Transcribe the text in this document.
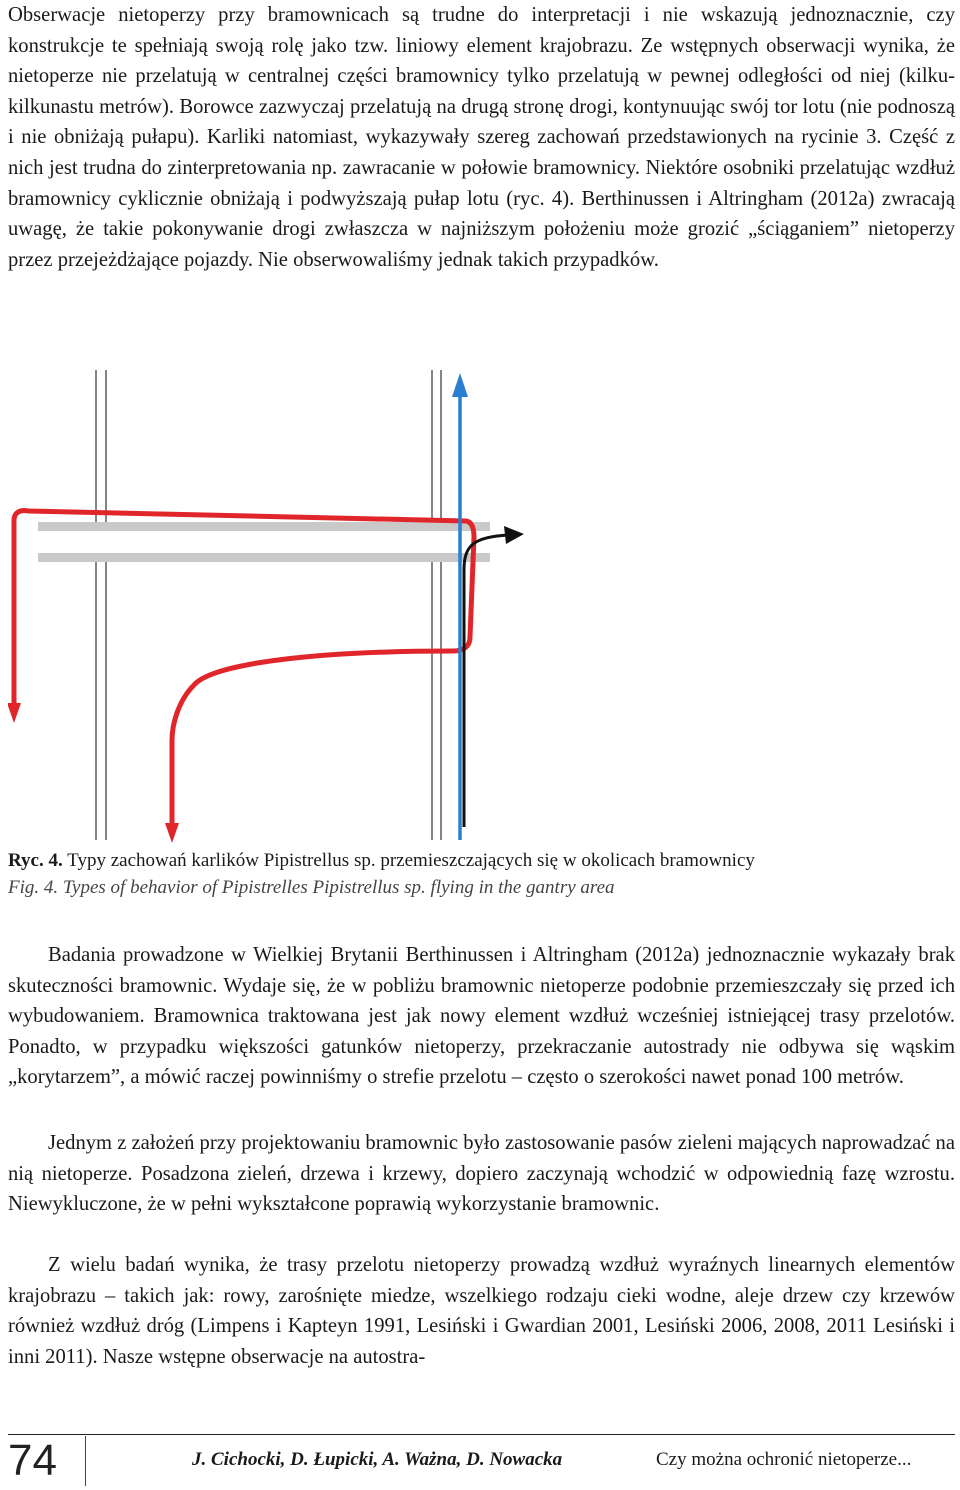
Obserwacje nietoperzy przy bramownicach są trudne do interpretacji i nie wskazują jednoznacznie, czy konstrukcje te spełniają swoją rolę jako tzw. liniowy element krajobrazu. Ze wstępnych obserwacji wynika, że nietoperze nie przelatują w centralnej części bramownicy tylko przelatują w pewnej odległości od niej (kilku-kilkunastu metrów). Borowce zazwyczaj przelatują na drugą stronę drogi, kontynuując swój tor lotu (nie podnoszą i nie obniżają pułapu). Karliki natomiast, wykazywały szereg zachowań przedstawionych na rycinie 3. Część z nich jest trudna do zinterpretowania np. zawracanie w połowie bramownicy. Niektóre osobniki przelatując wzdłuż bramownicy cyklicznie obniżają i podwyższają pułap lotu (ryc. 4). Berthinussen i Altringham (2012a) zwracają uwagę, że takie pokonywanie drogi zwłaszcza w najniższym położeniu może grozić „ściąganiem” nietoperzy przez przejeżdżające pojazdy. Nie obserwowaliśmy jednak takich przypadków.

Ryc. 4. Typy zachowań karlików Pipistrellus sp. przemieszczających się w okolicach bramownicy
Fig. 4. Types of behavior of Pipistrelles Pipistrellus sp. flying in the gantry area

Badania prowadzone w Wielkiej Brytanii Berthinussen i Altringham (2012a) jednoznacznie wykazały brak skuteczności bramownic. Wydaje się, że w pobliżu bramownic nietoperze podobnie przemieszczały się przed ich wybudowaniem. Bramownica traktowana jest jak nowy element wzdłuż wcześniej istniejącej trasy przelotów. Ponadto, w przypadku większości gatunków nietoperzy, przekraczanie autostrady nie odbywa się wąskim „korytarzem”, a mówić raczej powinniśmy o strefie przelotu – często o szerokości nawet ponad 100 metrów.

Jednym z założeń przy projektowaniu bramownic było zastosowanie pasów zieleni mających naprowadzać na nią nietoperze. Posadzona zieleń, drzewa i krzewy, dopiero zaczynają wchodzić w odpowiednią fazę wzrostu. Niewykluczone, że w pełni wykształcone poprawią wykorzystanie bramownic.

Z wielu badań wynika, że trasy przelotu nietoperzy prowadzą wzdłuż wyraźnych linearnych elementów krajobrazu – takich jak: rowy, zarośnięte miedze, wszelkiego rodzaju cieki wodne, aleje drzew czy krzewów również wzdłuż dróg (Limpens i Kapteyn 1991, Lesiński i Gwardian 2001, Lesiński 2006, 2008, 2011 Lesiński i inni 2011). Nasze wstępne obserwacje na autostra-

74	J. Cichocki, D. Łupicki, A. Ważna, D. Nowacka	Czy można ochronić nietoperze...
